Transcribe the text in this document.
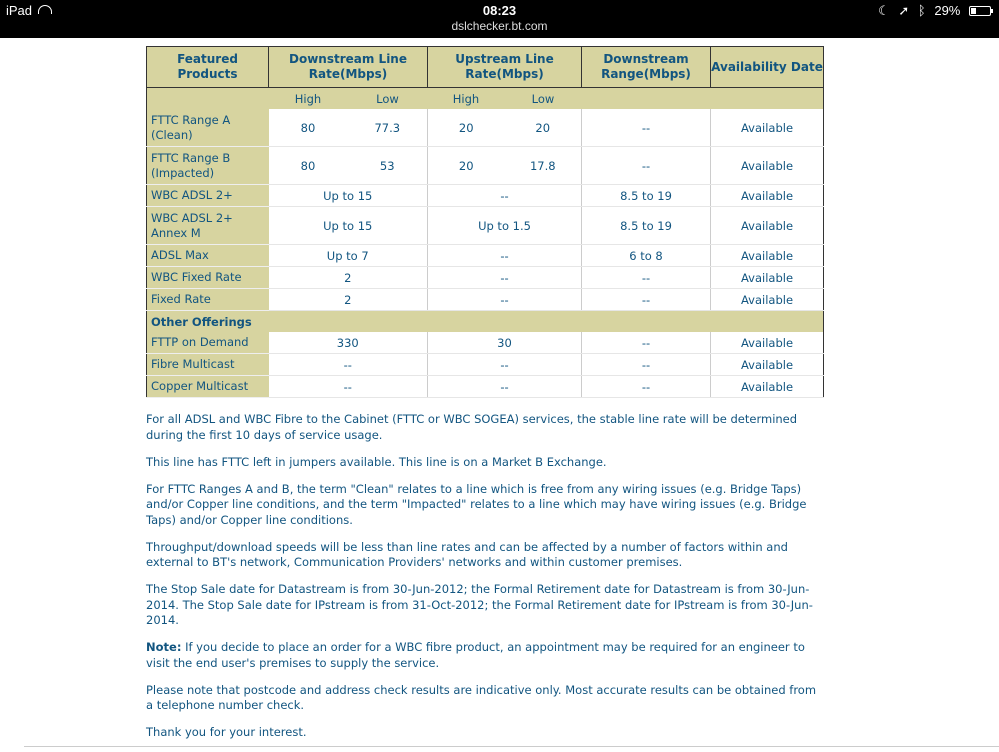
iPad	08:23
dslchecker.bt.com
☾ ➚ ᛒ 29%
Featured Products	Downstream Line Rate(Mbps)		Upstream Line Rate(Mbps)		Downstream Range(Mbps)	Availability Date
	High	Low	High	Low		
FTTC Range A (Clean)	80	77.3	20	20	--	Available
FTTC Range B (Impacted)	80	53	20	17.8	--	Available
WBC ADSL 2+	Up to 15		--		8.5 to 19	Available
WBC ADSL 2+ Annex M	Up to 15		Up to 1.5		8.5 to 19	Available
ADSL Max	Up to 7		--		6 to 8	Available
WBC Fixed Rate	2		--		--	Available
Fixed Rate	2		--		--	Available
Other Offerings						
FTTP on Demand	330		30		--	Available
Fibre Multicast	--		--		--	Available
Copper Multicast	--		--		--	Available

For all ADSL and WBC Fibre to the Cabinet (FTTC or WBC SOGEA) services, the stable line rate will be determined during the first 10 days of service usage.

This line has FTTC left in jumpers available. This line is on a Market B Exchange.

For FTTC Ranges A and B, the term "Clean" relates to a line which is free from any wiring issues (e.g. Bridge Taps) and/or Copper line conditions, and the term "Impacted" relates to a line which may have wiring issues (e.g. Bridge Taps) and/or Copper line conditions.

Throughput/download speeds will be less than line rates and can be affected by a number of factors within and external to BT's network, Communication Providers' networks and within customer premises.

The Stop Sale date for Datastream is from 30-Jun-2012; the Formal Retirement date for Datastream is from 30-Jun-2014. The Stop Sale date for IPstream is from 31-Oct-2012; the Formal Retirement date for IPstream is from 30-Jun-2014.

Note: If you decide to place an order for a WBC fibre product, an appointment may be required for an engineer to visit the end user's premises to supply the service.

Please note that postcode and address check results are indicative only. Most accurate results can be obtained from a telephone number check.

Thank you for your interest.
